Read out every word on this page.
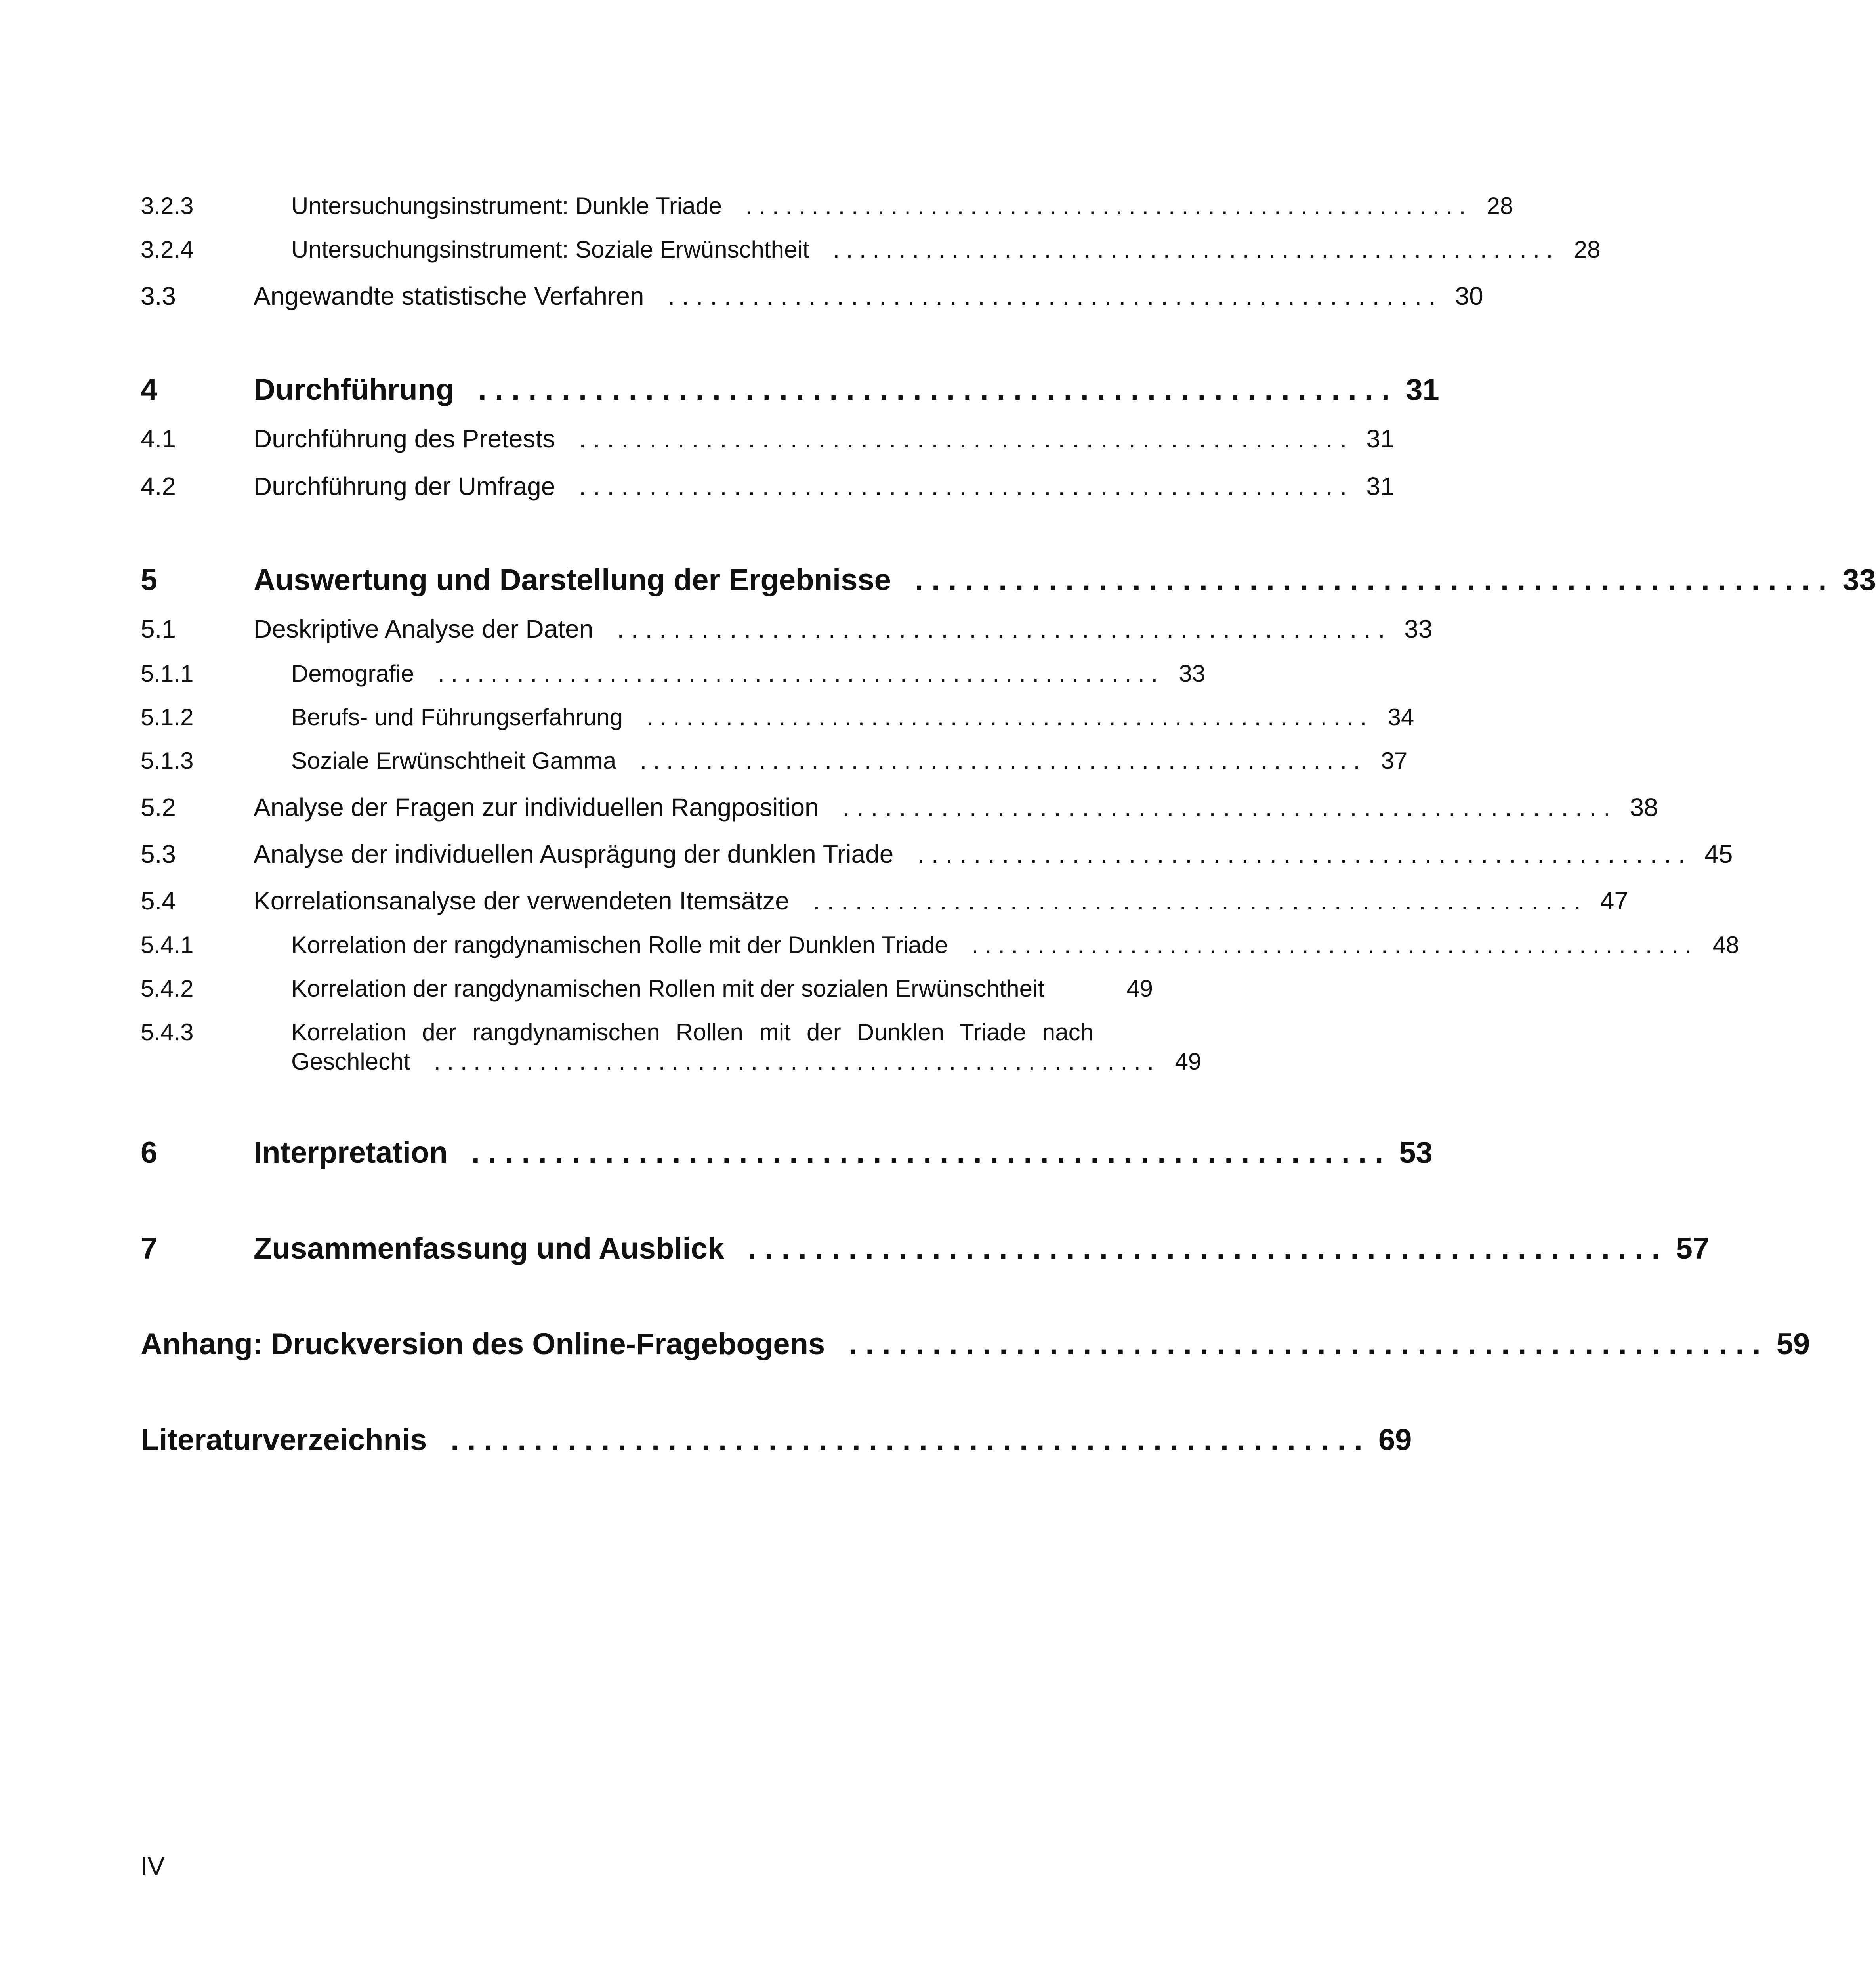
3.2.3	Untersuchungsinstrument: Dunkle Triade . . . . . . . . . . . . . . . . . . . . . . . . . . . . . . . . . . . . . . . . . . . . . . . . . . . . . . . 28
3.2.4	Untersuchungsinstrument: Soziale Erwünschtheit . . . . . . . . . . . . . . . . . . . . . . . . . . . . . . . . . . . . . . . . . . . . . . . . . . . . . . . 28
3.3	Angewandte statistische Verfahren . . . . . . . . . . . . . . . . . . . . . . . . . . . . . . . . . . . . . . . . . . . . . . . . . . . . . . . 30
4	Durchführung . . . . . . . . . . . . . . . . . . . . . . . . . . . . . . . . . . . . . . . . . . . . . . . . . . . . . . . 31
4.1	Durchführung des Pretests . . . . . . . . . . . . . . . . . . . . . . . . . . . . . . . . . . . . . . . . . . . . . . . . . . . . . . . 31
4.2	Durchführung der Umfrage . . . . . . . . . . . . . . . . . . . . . . . . . . . . . . . . . . . . . . . . . . . . . . . . . . . . . . . 31
5	Auswertung und Darstellung der Ergebnisse . . . . . . . . . . . . . . . . . . . . . . . . . . . . . . . . . . . . . . . . . . . . . . . . . . . . . . . 33
5.1	Deskriptive Analyse der Daten . . . . . . . . . . . . . . . . . . . . . . . . . . . . . . . . . . . . . . . . . . . . . . . . . . . . . . . 33
5.1.1	Demografie . . . . . . . . . . . . . . . . . . . . . . . . . . . . . . . . . . . . . . . . . . . . . . . . . . . . . . . 33
5.1.2	Berufs- und Führungserfahrung . . . . . . . . . . . . . . . . . . . . . . . . . . . . . . . . . . . . . . . . . . . . . . . . . . . . . . . 34
5.1.3	Soziale Erwünschtheit Gamma . . . . . . . . . . . . . . . . . . . . . . . . . . . . . . . . . . . . . . . . . . . . . . . . . . . . . . . 37
5.2	Analyse der Fragen zur individuellen Rangposition . . . . . . . . . . . . . . . . . . . . . . . . . . . . . . . . . . . . . . . . . . . . . . . . . . . . . . . 38
5.3	Analyse der individuellen Ausprägung der dunklen Triade . . . . . . . . . . . . . . . . . . . . . . . . . . . . . . . . . . . . . . . . . . . . . . . . . . . . . . . 45
5.4	Korrelationsanalyse der verwendeten Itemsätze . . . . . . . . . . . . . . . . . . . . . . . . . . . . . . . . . . . . . . . . . . . . . . . . . . . . . . . 47
5.4.1	Korrelation der rangdynamischen Rolle mit der Dunklen Triade . . . . . . . . . . . . . . . . . . . . . . . . . . . . . . . . . . . . . . . . . . . . . . . . . . . . . . . 48
5.4.2	Korrelation der rangdynamischen Rollen mit der sozialen Erwünschtheit	49
5.4.3	Korrelation der rangdynamischen Rollen mit der Dunklen Triade nach
Geschlecht . . . . . . . . . . . . . . . . . . . . . . . . . . . . . . . . . . . . . . . . . . . . . . . . . . . . . . . 49
6	Interpretation . . . . . . . . . . . . . . . . . . . . . . . . . . . . . . . . . . . . . . . . . . . . . . . . . . . . . . . 53
7	Zusammenfassung und Ausblick . . . . . . . . . . . . . . . . . . . . . . . . . . . . . . . . . . . . . . . . . . . . . . . . . . . . . . . 57
Anhang: Druckversion des Online-Fragebogens . . . . . . . . . . . . . . . . . . . . . . . . . . . . . . . . . . . . . . . . . . . . . . . . . . . . . . . 59
Literaturverzeichnis . . . . . . . . . . . . . . . . . . . . . . . . . . . . . . . . . . . . . . . . . . . . . . . . . . . . . . . 69
IV
